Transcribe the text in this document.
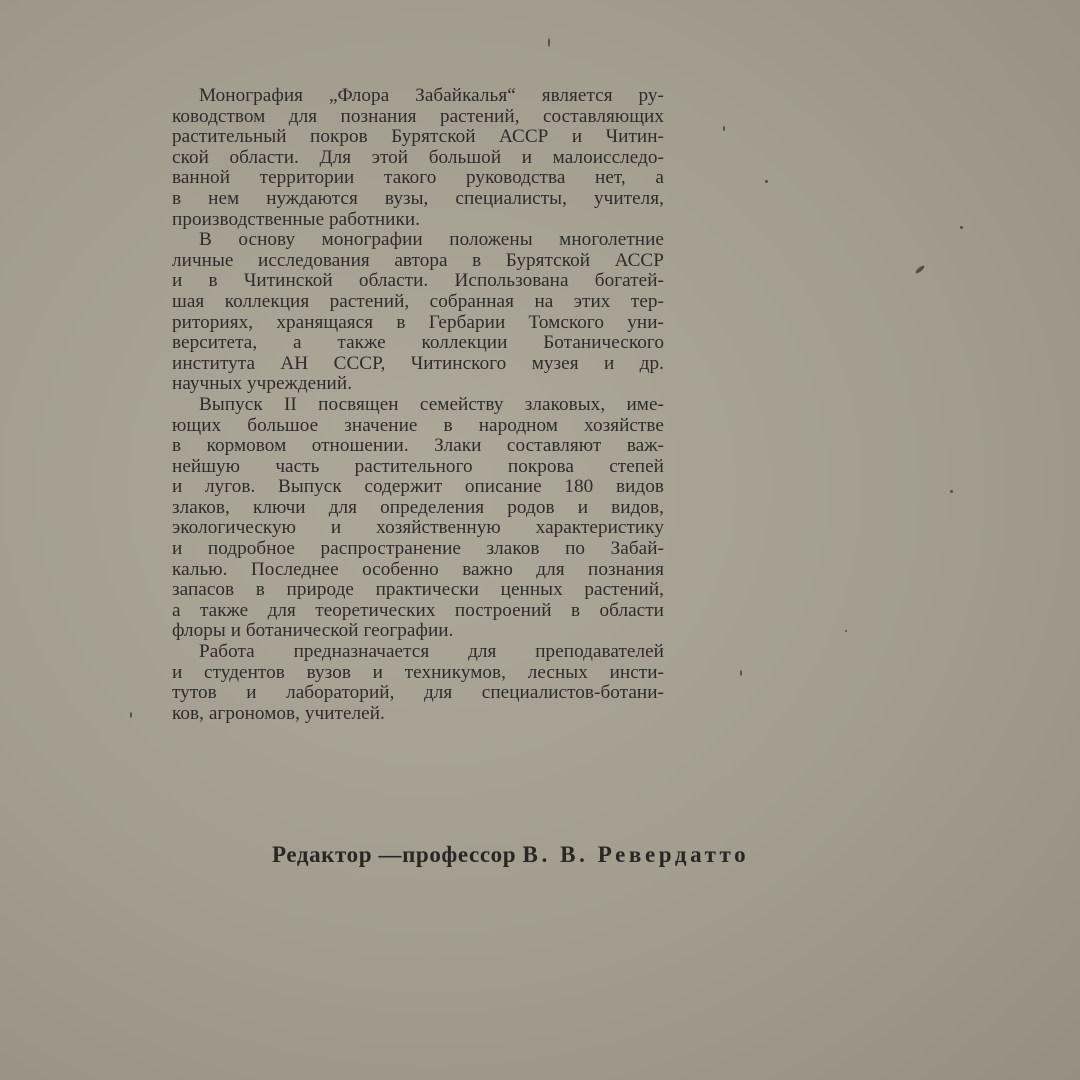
Монография „Флора Забайкалья“ является ру-
ководством для познания растений, составляющих
растительный покров Бурятской АССР и Читин-
ской области. Для этой большой и малоисследо-
ванной территории такого руководства нет, а
в нем нуждаются вузы, специалисты, учителя,
производственные работники.
В основу монографии положены многолетние
личные исследования автора в Бурятской АССР
и в Читинской области. Использована богатей-
шая коллекция растений, собранная на этих тер-
риториях, хранящаяся в Гербарии Томского уни-
верситета, а также коллекции Ботанического
института АН СССР, Читинского музея и др.
научных учреждений.
Выпуск II посвящен семейству злаковых, име-
ющих большое значение в народном хозяйстве
в кормовом отношении. Злаки составляют важ-
нейшую часть растительного покрова степей
и лугов. Выпуск содержит описание 180 видов
злаков, ключи для определения родов и видов,
экологическую и хозяйственную характеристику
и подробное распространение злаков по Забай-
калью. Последнее особенно важно для познания
запасов в природе практически ценных растений,
а также для теоретических построений в области
флоры и ботанической географии.
Работа предназначается для преподавателей
и студентов вузов и техникумов, лесных инсти-
тутов и лабораторий, для специалистов-ботани-
ков, агрономов, учителей.
Редактор —профессор В. В. Ревердатто
